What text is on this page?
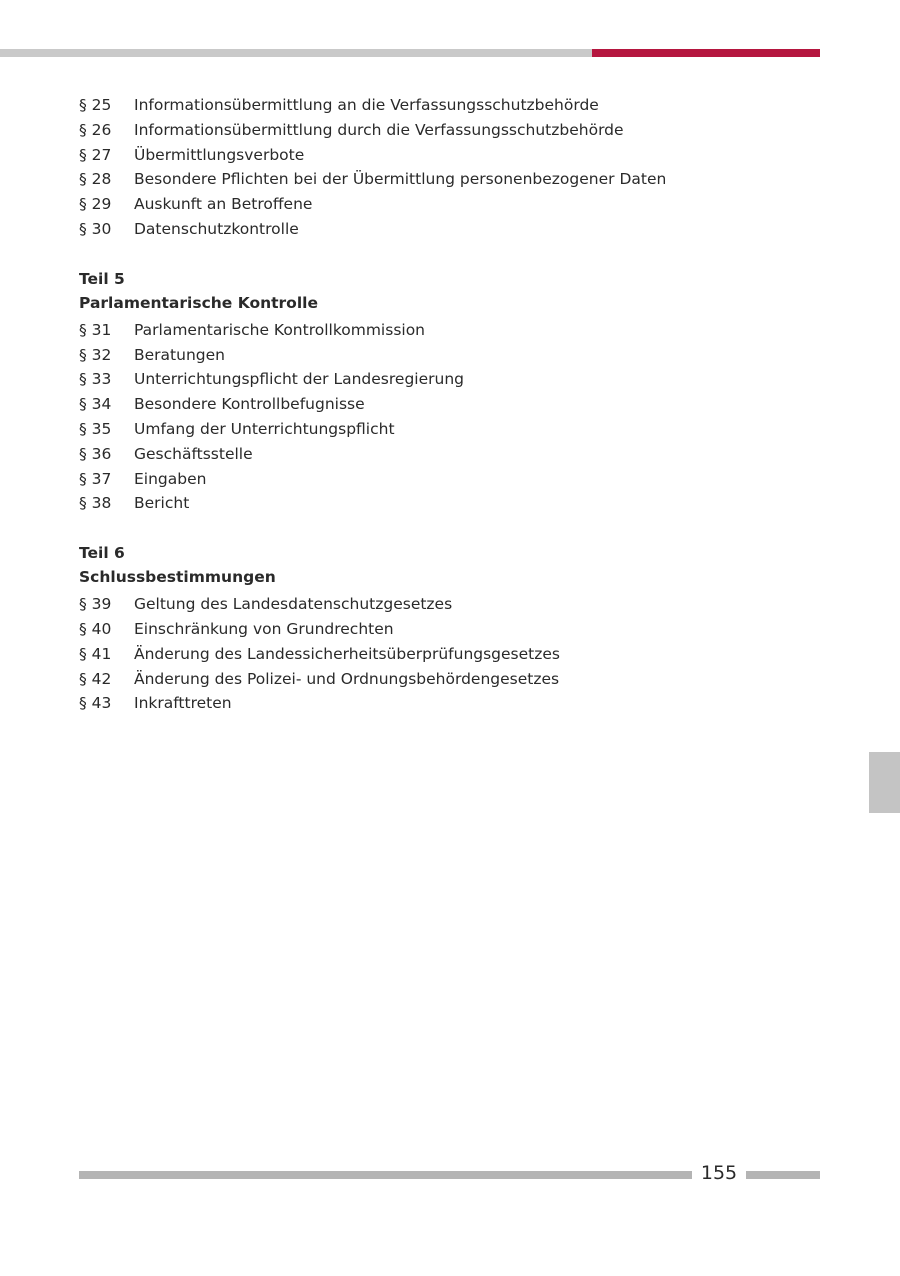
§ 25	Informationsübermittlung an die Verfassungsschutzbehörde
§ 26	Informationsübermittlung durch die Verfassungsschutzbehörde
§ 27	Übermittlungsverbote
§ 28	Besondere Pflichten bei der Übermittlung personenbezogener Daten
§ 29	Auskunft an Betroffene
§ 30	Datenschutzkontrolle
Teil 5
Parlamentarische Kontrolle
§ 31	Parlamentarische Kontrollkommission
§ 32	Beratungen
§ 33	Unterrichtungspflicht der Landesregierung
§ 34	Besondere Kontrollbefugnisse
§ 35	Umfang der Unterrichtungspflicht
§ 36	Geschäftsstelle
§ 37	Eingaben
§ 38	Bericht
Teil 6
Schlussbestimmungen
§ 39	Geltung des Landesdatenschutzgesetzes
§ 40	Einschränkung von Grundrechten
§ 41	Änderung des Landessicherheitsüberprüfungsgesetzes
§ 42	Änderung des Polizei- und Ordnungsbehördengesetzes
§ 43	Inkrafttreten
155
